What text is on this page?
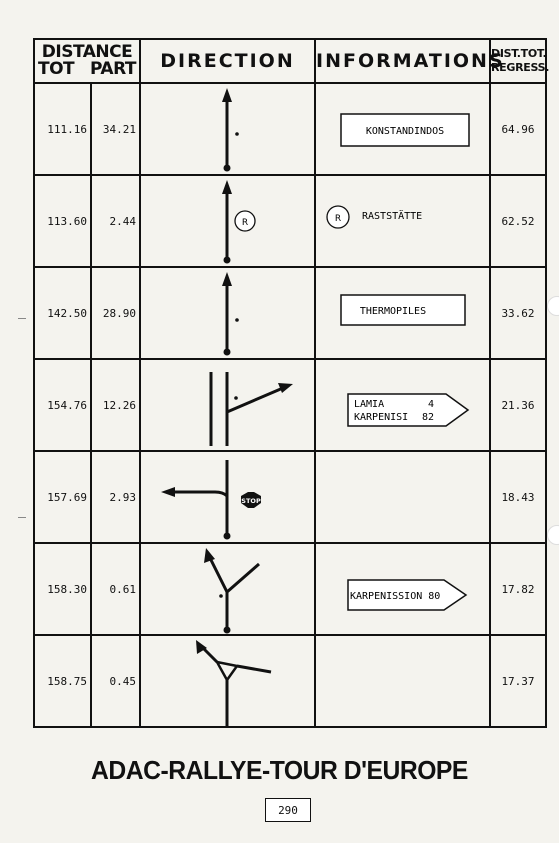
DISTANCE
TOT PART		DIRECTION	INFORMATIONS	DIST.TOT.
REGRESS.

111.16	34.21		KONSTANDINDOS	64.96
113.60	2.44	R	R RASTSTÄTTE	62.52
142.50	28.90		THERMOPILES	33.62
154.76	12.26		LAMIA 4
KARPENISI 82	21.36
157.69	2.93	STOP		18.43
158.30	0.61		KARPENISSION 80	17.82
158.75	0.45			17.37
ADAC-RALLYE-TOUR D'EUROPE
290
